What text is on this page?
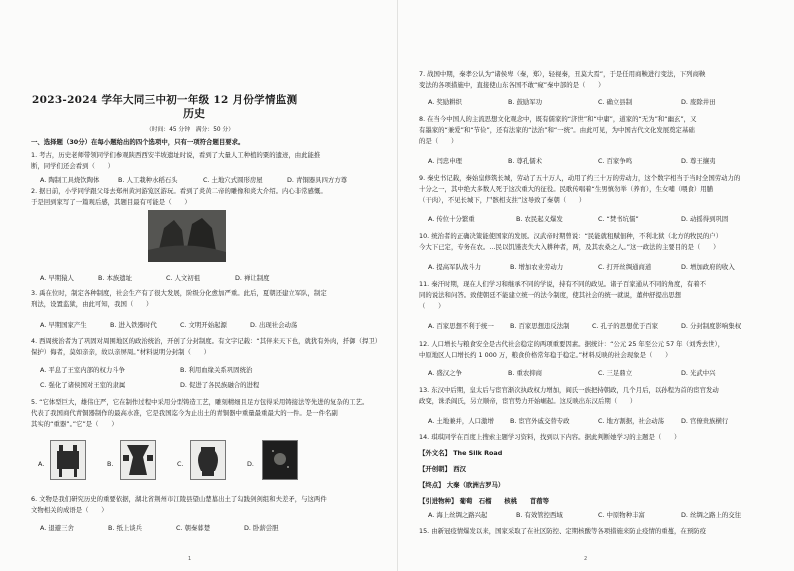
2023-2024 学年大同三中初一年级 12 月份学情监测
历史
（时间：45 分钟　满分：50 分）
一、选择题（30分）在每小题给出的四个选项中，只有一项符合题目要求。
1. 考古，历史老师带领同学们参观陕西西安半坡遗址时说，看到了大量人工种植的粟的遗迹，由此能推
断，同学们还会看到（　　）
A. 陶制工具烧饮陶体	B. 人工栽种水稻石头	C. 土地穴式圆形房屋	D. 青铜器具四方方尊
2. 据日前，小学同学跟父母去郑州黄河游览区游玩。看到了炎黄二帝的雕像和炎大介绍。内心非常感慨。
于是回到家写了一篇观后感，其题目最有可能是（　　）
A. 早期猿人	B. 本族遗址	C. 人文初祖	D. 禅让制度
3. 禹在位时，制定各种制度，社会生产有了很大发展，阶级分化愈加严重。此后，夏朝还建立军队，制定
刑法，设置监狱，由此可知，我国（　　）
A. 早期国家产生	B. 进入铁器时代	C. 文明开始起源	D. 出现社会动荡
4. 西周统治者为了巩固对周围地区的政治统治，开创了分封制度。有文字记载：“其伴来天下也，就犹有外肉，扦御（捍卫）
保护）侮者，莫如亲亲，故以亲屏周。”材料说明分封制（　　）
A. 平息了王室内部的权力斗争	B. 利用血缘关系巩固统治
C. 强化了诸侯国对王室的隶属	D. 促进了各民族融合的进程
5. “它体型巨大，雄伟庄严，它在制作过程中采用分型铸造工艺，雕刻精细且足方包得采用铸接法等先进的复杂的工艺。
代表了我国商代青铜器制作的最高水准，它是我国迄今为止出土的青铜器中重量最重最大的一件。是一件名副
其实的“重器”。”它”是（　　）
A.	B.	C.	D.
6. 文物是我们研究历史的重要依据，湖北省荆州市江陵县望山楚墓出土了勾践剑剑组和夫差矛，与这两件
文物相关的成语是（　　）
A. 退避三舍	B. 纸上谈兵	C. 朝秦暮楚	D. 卧薪尝胆
1
7. 战国中期，秦孝公认为“诸侯卑（秦，郑），轻视秦，丑莫大焉”，于是任用商鞅进行变法，下列商鞅
变法的各项措施中，直接使山东各国不敢“窥”秦中部的是（　　）
A. 奖励耕织	B. 鼓励军功	C. 确立县制	D. 废除井田
8. 在当今中国人的主流思想文化观念中，既有儒家的“济世”和“中庸”，道家的“无为”和“幽玄”，又
有墨家的“兼爱”和“节俭”，还有法家的“法治”和“一统”。由此可见，为中国古代文化发展奠定基础
的是（　　）
A. 闫忠申理	B. 尊孔儒术	C. 百家争鸣	D. 尊王攘夷
9. 秦史书记载，秦始皇修筑长城，劳动了五十万人，动用了约三十万的劳动力，这个数字相当于当时全国劳动力的
十分之一，其中绝大多数人死于这次重大的征役。民歌传唱着“生男慎勿举（养育），生女哺（喂食）用脯
（干肉），不见长城下，尸骸相支拄”这导致了秦朝（　　）
A. 传位十分繁重	B. 农民起义爆发	C. “焚书坑儒”	D. 动摇得到巩固
10. 统治者的正确决策能使国家的发展。汉武帝时期曾说：“民能就租赋佃种，不利北狱（北方的牧民的户）
今大下已定，专务在农。…民以饥馑丧失大入耕种者，两，及其农桑之人。”这一政法的主要目的是（　　）
A. 提高军队战斗力	B. 增加农业劳动力	C. 打开丝绸通商道	D. 增加政府的收入
11. 秦汗时期，现在人们学习和继承不同的学说，持有不同的政见。诸子百家通从不同的角度，有着不
同的说法和问答。致使朝廷不能建立统一的法今制度，使其社会的统一就说，董仲舒提出思想
（　　）
A. 百家思想不利于统一	B. 百家思想违反法制	C. 孔子的思想优于百家	D. 分封制度影响集权
12. 人口增长与粮食安全是古代社会稳定的两项重要因素。据统计：“公元 25 年至公元 57 年（刘秀去世），
中原地区人口增长约 1 000 万，粮食价格常年稳于稳定。”材料反映的社会现象是（　　）
A. 盛汉之争	B. 重农抑商	C. 三足鼎立	D. 光武中兴
13. 东汉中后期，皇太后与宦官渐次执政权力增加，阎氏一族把持朝政，几个月后，以孙程为首的宦官发动
政变，诛杀阎氏，另立顺帝，宦官势力开始崛起。这反映出东汉后期（　　）
A. 土地兼并，人口激增	B. 宦官外戚交替专政	C. 地方割据，社会动荡	D. 官僚贵族横行
14. 琪琪同学在百度上搜索主题学习资料，找到以下内容。据此判断她学习的主题是（　　）
【外文名】 The Silk Road
【开创朝】 西汉
【终点】 大秦（欧洲古罗马）
【引进物种】 葡萄　石榴　　核桃　　苜蓿等
A. 海上丝绸之路兴起	B. 有效管控西域	C. 中原物种丰富	D. 丝绸之路上的交往
15. 由新冠疫情爆发以来，国家采取了在社区防控、定期核酸等各项措施来防止疫情的重蔓，在预防疫
2
